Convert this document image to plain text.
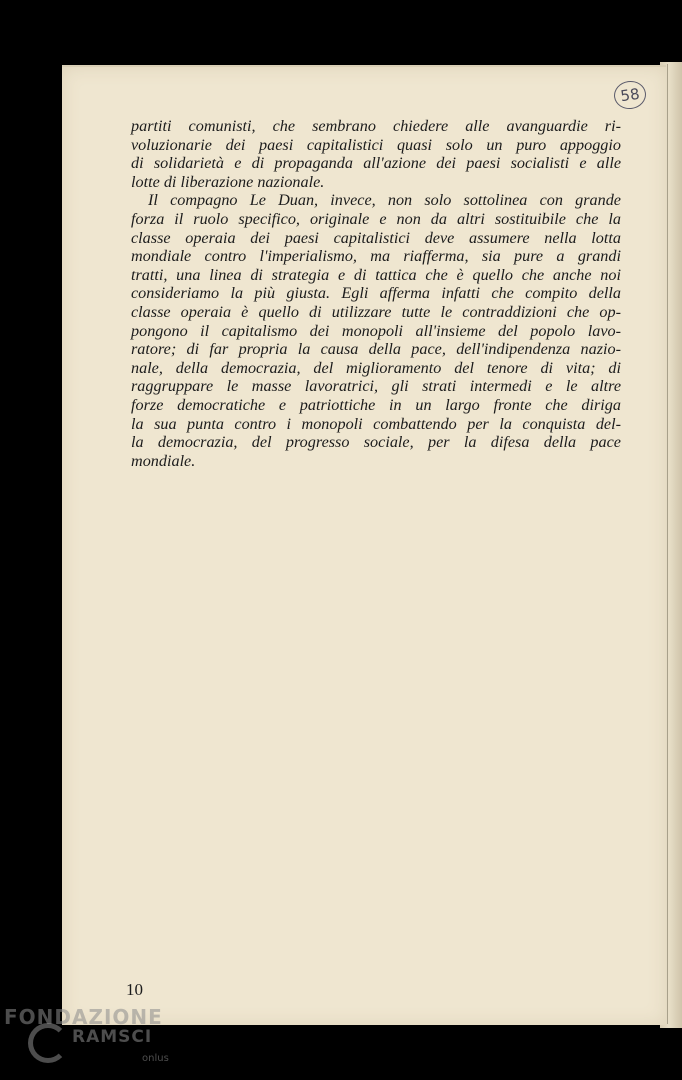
58
partiti comunisti, che sembrano chiedere alle avanguardie ri-
voluzionarie dei paesi capitalistici quasi solo un puro appoggio
di solidarietà e di propaganda all'azione dei paesi socialisti e alle
lotte di liberazione nazionale.
Il compagno Le Duan, invece, non solo sottolinea con grande
forza il ruolo specifico, originale e non da altri sostituibile che la
classe operaia dei paesi capitalistici deve assumere nella lotta
mondiale contro l'imperialismo, ma riafferma, sia pure a grandi
tratti, una linea di strategia e di tattica che è quello che anche noi
consideriamo la più giusta. Egli afferma infatti che compito della
classe operaia è quello di utilizzare tutte le contraddizioni che op-
pongono il capitalismo dei monopoli all'insieme del popolo lavo-
ratore; di far propria la causa della pace, dell'indipendenza nazio-
nale, della democrazia, del miglioramento del tenore di vita; di
raggruppare le masse lavoratrici, gli strati intermedi e le altre
forze democratiche e patriottiche in un largo fronte che diriga
la sua punta contro i monopoli combattendo per la conquista del-
la democrazia, del progresso sociale, per la difesa della pace
mondiale.
10
FONDAZIONE
RAMSCI
onlus
